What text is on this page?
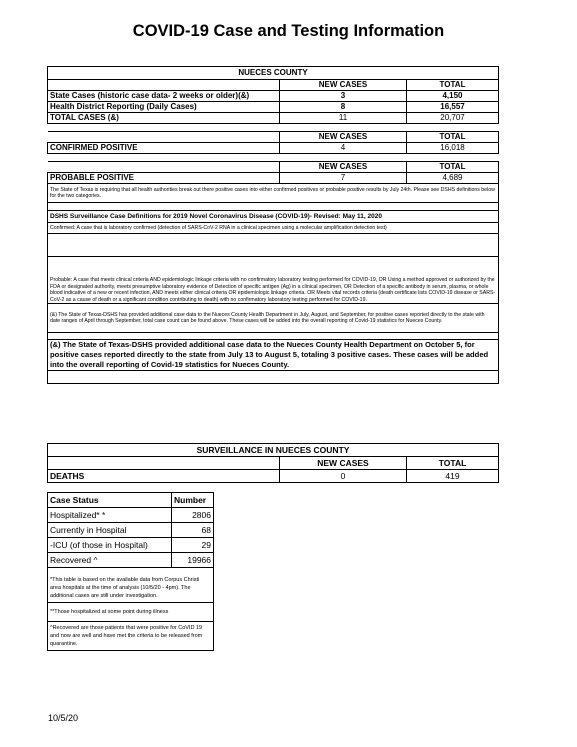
COVID-19 Case and Testing Information
NUECES COUNTY		
	NEW CASES	TOTAL
State Cases (historic case data- 2 weeks or older)(&)	3	4,150
Health District Reporting (Daily Cases)	8	16,557
TOTAL CASES (&)	11	20,707

	NEW CASES	TOTAL
CONFIRMED POSITIVE	4	16,018

	NEW CASES	TOTAL
PROBABLE POSITIVE	7	4,689
The State of Texas is requiring that all health authorities break out there positive cases into either confirmed positives or probable positive results by July 24th. Please see DSHS definitions below for the two categories.		

DSHS Surveillance Case Definitions for 2019 Novel Coronavirus Disease (COVID-19)- Revised: May 11, 2020		
Confirmed: A case that is laboratory confirmed (detection of SARS-CoV-2 RNA in a clinical specimen using a molecular amplification detection test)		

Probable: A case that meets clinical criteria AND epidemiologic linkage criteria with no confirmatory laboratory testing performed for COVID-19, OR Using a method approved or authorized by the FDA or designated authority, meets presumptive laboratory evidence of Detection of specific antigen (Ag) in a clinical specimen, OR Detection of a specific antibody in serum, plasma, or whole blood indicative of a new or recent infection, AND meets either clinical criteria OR epidemiologic linkage criteria. OR Meets vital records criteria (death certificate lists COVID-19 disease or SARS-CoV-2 as a cause of death or a significant condition contributing to death) with no confirmatory laboratory testing performed for COVID-19.		
(&) The State of Texas-DSHS has provided additional case data to the Nueces County Health Department in July, August, and September, for positive cases reported directly to the state with date ranges of April through September, total case count can be found above. These cases will be added into the overall reporting of Covid-19 statistics for Nueces County.		

(&) The State of Texas-DSHS provided additional case data to the Nueces County Health Department on October 5, for positive cases reported directly to the state from July 13 to August 5, totaling 3 positive cases. These cases will be added into the overall reporting of Covid-19 statistics for Nueces County.		

SURVEILLANCE IN NUECES COUNTY		
	NEW CASES	TOTAL
DEATHS	0	419
Case Status	Number
Hospitalized* *	2806
Currently in Hospital	68
-ICU (of those in Hospital)	29
Recovered ^	19966
*This table is based on the available data from Corpus Christi area hospitals at the time of analysis (10/5/20 - 4pm). The additional cases are still under investigation.	
**Those hospitalized at some point during illness	
^Recovered are those patients that were positive for CoVID 19 and now are well and have met the criteria to be released from quarantine.	
10/5/20
